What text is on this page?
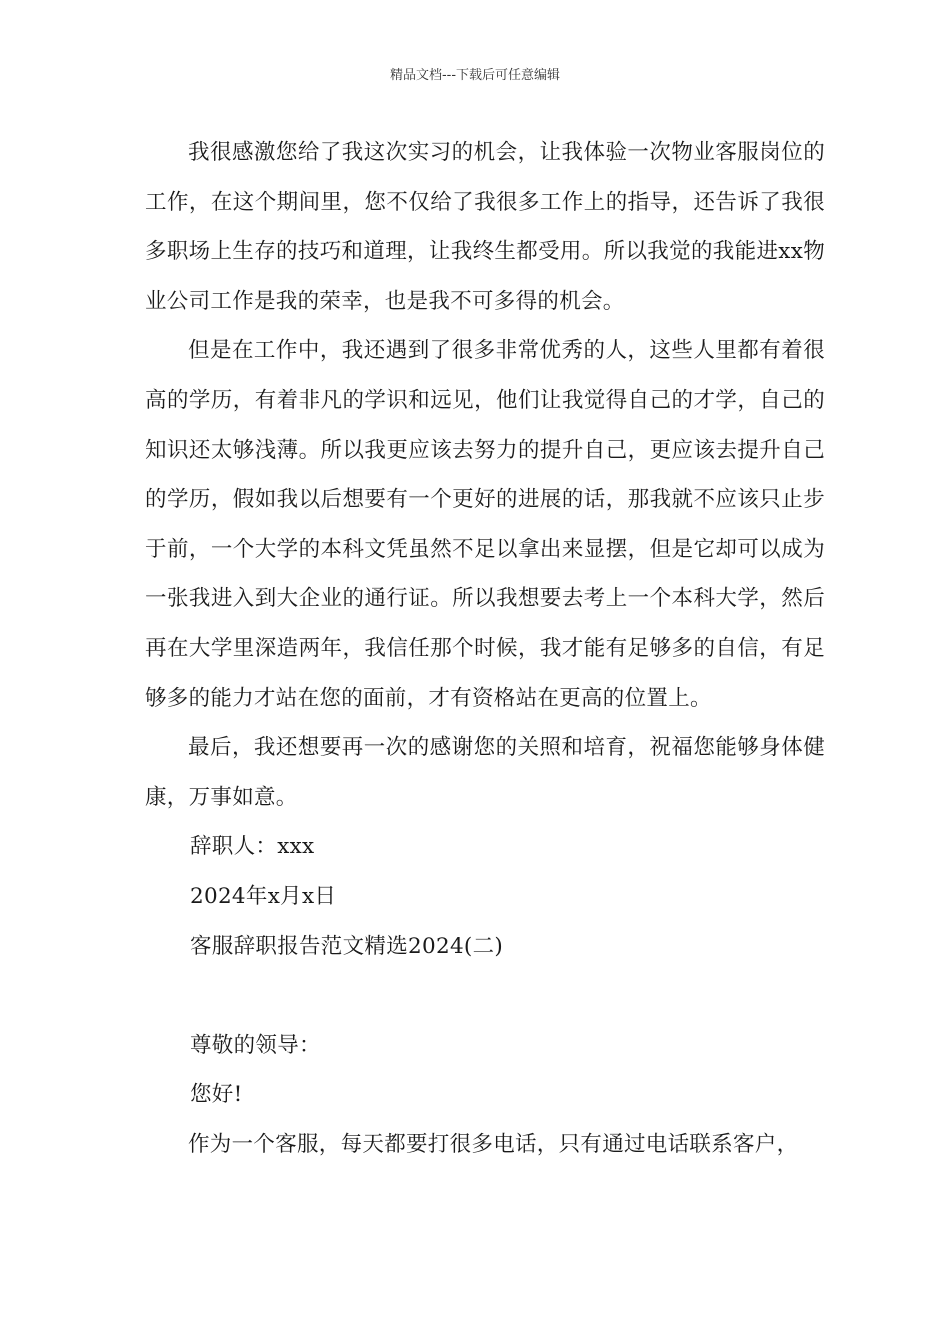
精品文档---下载后可任意编辑

我很感激您给了我这次实习的机会，让我体验一次物业客服岗位的工作，在这个期间里，您不仅给了我很多工作上的指导，还告诉了我很多职场上生存的技巧和道理，让我终生都受用。所以我觉的我能进xx物业公司工作是我的荣幸，也是我不可多得的机会。

但是在工作中，我还遇到了很多非常优秀的人，这些人里都有着很高的学历，有着非凡的学识和远见，他们让我觉得自己的才学，自己的知识还太够浅薄。所以我更应该去努力的提升自己，更应该去提升自己的学历，假如我以后想要有一个更好的进展的话，那我就不应该只止步于前，一个大学的本科文凭虽然不足以拿出来显摆，但是它却可以成为一张我进入到大企业的通行证。所以我想要去考上一个本科大学，然后再在大学里深造两年，我信任那个时候，我才能有足够多的自信，有足够多的能力才站在您的面前，才有资格站在更高的位置上。

最后，我还想要再一次的感谢您的关照和培育，祝福您能够身体健康，万事如意。

辞职人：xxx

2024年x月x日

客服辞职报告范文精选2024(二)

尊敬的领导：

您好!

作为一个客服，每天都要打很多电话，只有通过电话联系客户，
